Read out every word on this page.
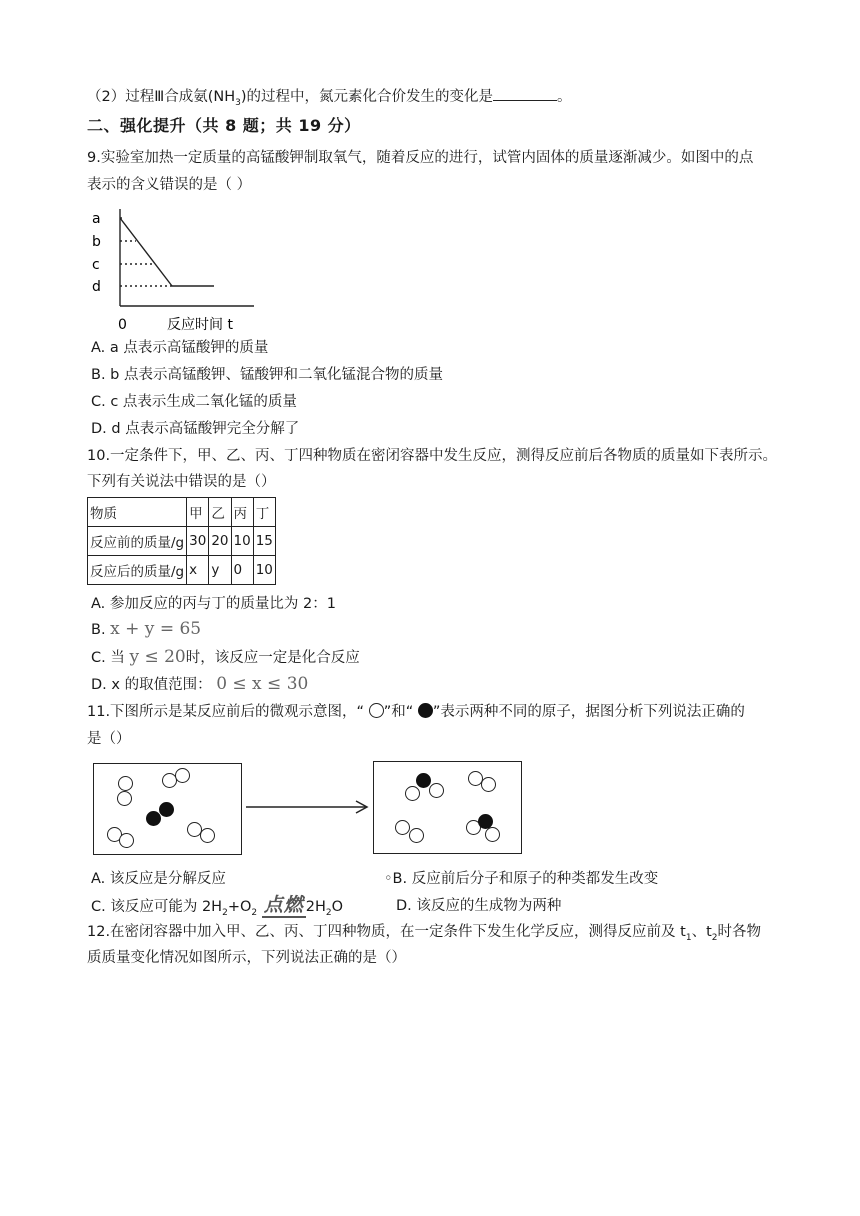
（2）过程Ⅲ合成氨$(NH_3)$的过程中，氮元素化合价发生的变化是	。
二、强化提升（共 8 题；共 19 分）
9.实验室加热一定质量的高锰酸钾制取氧气，随着反应的进行，试管内固体的质量逐渐减少。如图中的点
表示的含义错误的是（ ）
a
b
c
d
0	反应时间 t
A. a 点表示高锰酸钾的质量
B. b 点表示高锰酸钾、锰酸钾和二氧化锰混合物的质量
C. c 点表示生成二氧化锰的质量
D. d 点表示高锰酸钾完全分解了
10.一定条件下，甲、乙、丙、丁四种物质在密闭容器中发生反应，测得反应前后各物质的质量如下表所示。
下列有关说法中错误的是（）
物质	甲	乙	丙	丁
反应前的质量/g	30	20	10	15
反应后的质量/g	x	y	0	10
A. 参加反应的丙与丁的质量比为 2：1
B. x + y = 65
C. 当 y ≤ 20时，该反应一定是化合反应
D. x 的取值范围： 0 ≤ x ≤ 30
11.下图所示是某反应前后的微观示意图，“ ”和“ ”表示两种不同的原子，据图分析下列说法正确的
是（）
A. 该反应是分解反应	◦B. 反应前后分子和原子的种类都发生改变
C. 该反应可能为 $2H_2+O_2$ 点燃 $2H_2O$	D. 该反应的生成物为两种
12.在密闭容器中加入甲、乙、丙、丁四种物质，在一定条件下发生化学反应，测得反应前及 $t_1$、$t_2$时各物
质质量变化情况如图所示，下列说法正确的是（）
